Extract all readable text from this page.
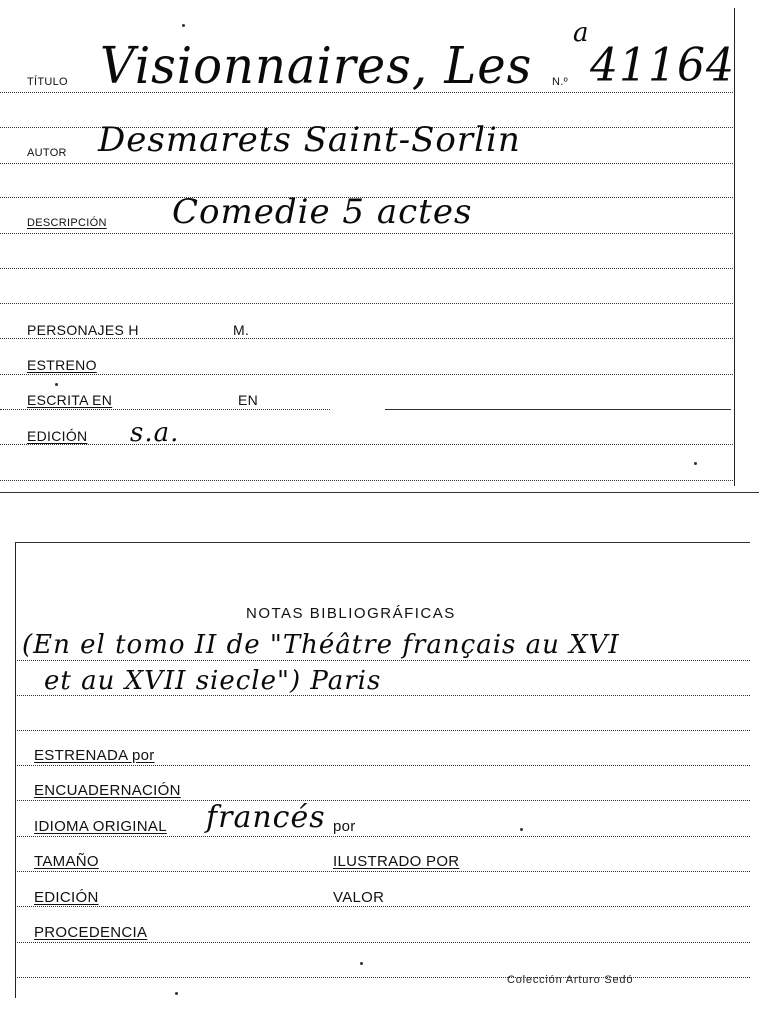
TÍTULO Visionnaires, Les N.º
a
41164
AUTOR Desmarets Saint-Sorlin
DESCRIPCIÓN Comedie 5 actes
PERSONAJES H	M.
ESTRENO
ESCRITA EN	EN
EDICIÓN s.a.
NOTAS BIBLIOGRÁFICAS
(En el tomo II de "Théâtre français au XVI
et au XVII siecle") Paris
ESTRENADA por
ENCUADERNACIÓN
IDIOMA ORIGINAL francés por
TAMAÑO	ILUSTRADO POR
EDICIÓN	VALOR
PROCEDENCIA
Colección Arturo Sedó
